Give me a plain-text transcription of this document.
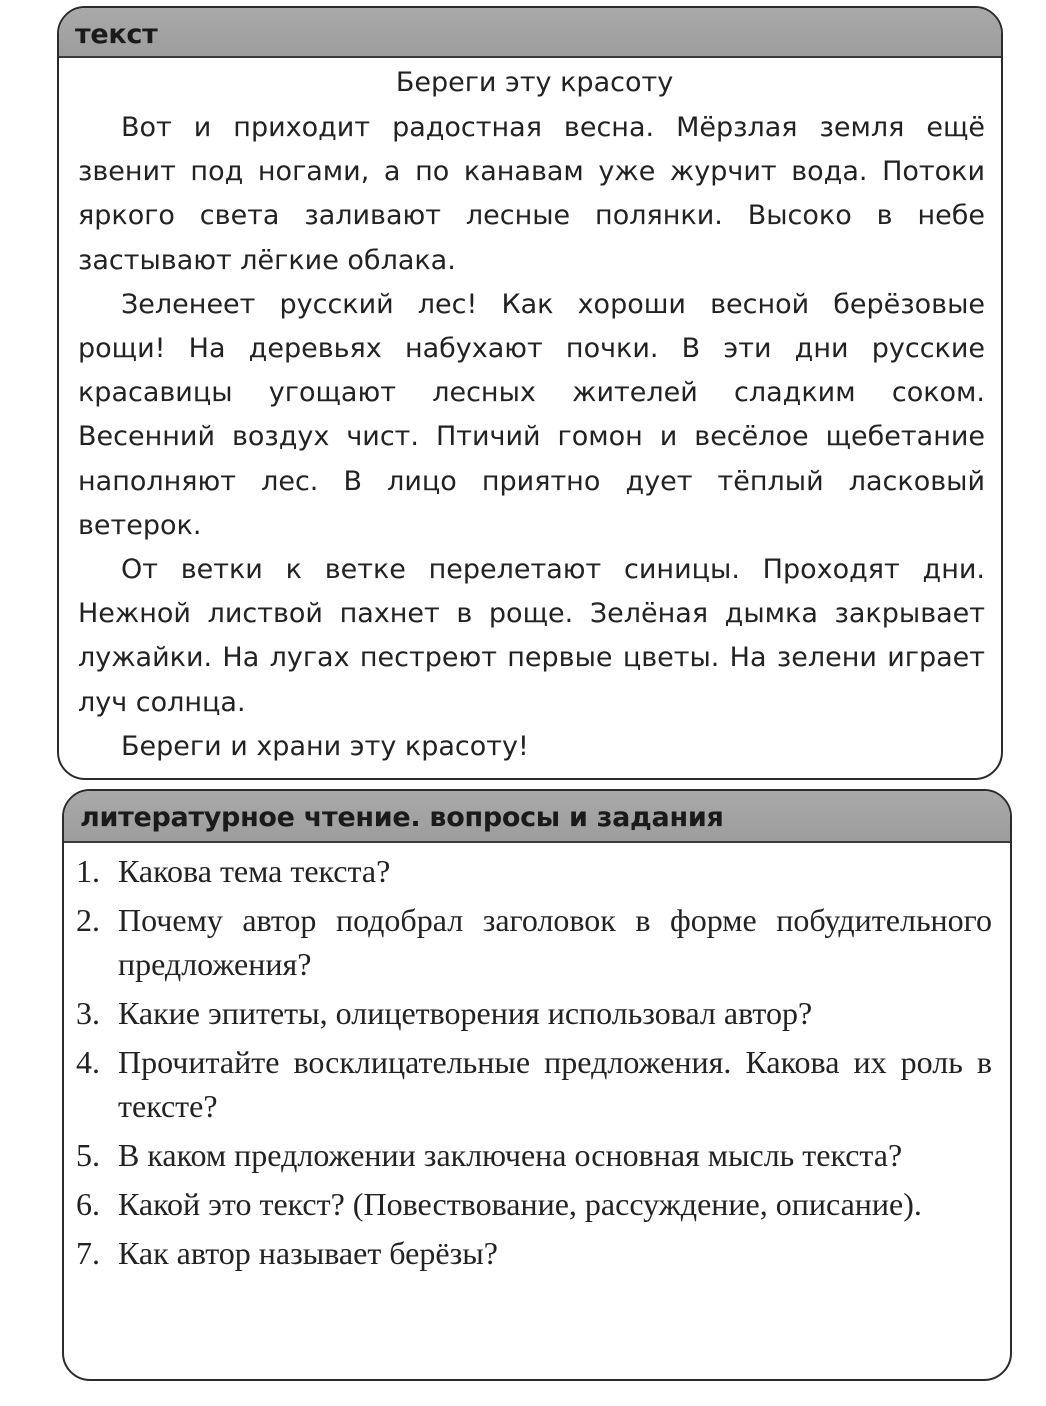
текст

Береги эту красоту

Вот и приходит радостная весна. Мёрзлая земля ещё звенит под ногами, а по канавам уже журчит вода. Потоки яркого света заливают лесные полянки. Высоко в небе застывают лёгкие облака.

Зеленеет русский лес! Как хороши весной берёзовые рощи! На деревьях набухают почки. В эти дни русские красавицы угощают лесных жителей сладким соком. Весенний воздух чист. Птичий гомон и весёлое щебетание наполняют лес. В лицо приятно дует тёплый ласковый ветерок.

От ветки к ветке перелетают синицы. Проходят дни. Нежной листвой пахнет в роще. Зелёная дымка закрывает лужайки. На лугах пестреют первые цветы. На зелени играет луч солнца.

Береги и храни эту красоту!

литературное чтение. вопросы и задания
1. Какова тема текста?
2. Почему автор подобрал заголовок в форме побудительного предложения?
3. Какие эпитеты, олицетворения использовал автор?
4. Прочитайте восклицательные предложения. Какова их роль в тексте?
5. В каком предложении заключена основная мысль текста?
6. Какой это текст? (Повествование, рассуждение, описание).
7. Как автор называет берёзы?
